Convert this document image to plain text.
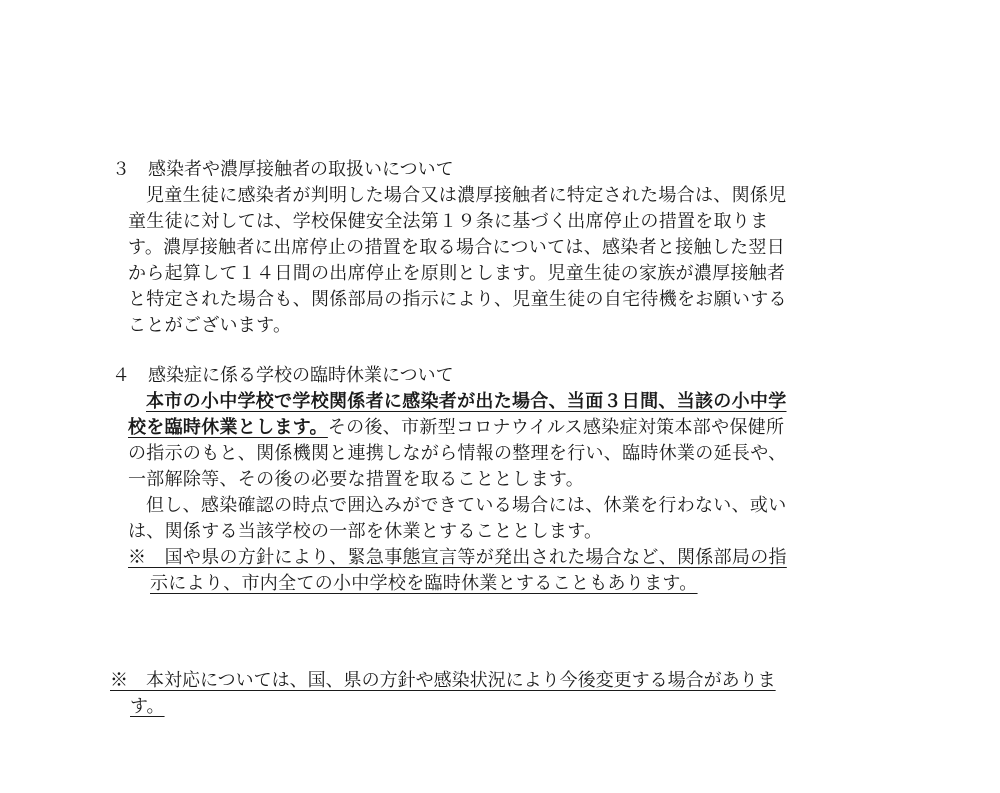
３　感染者や濃厚接触者の取扱いについて
児童生徒に感染者が判明した場合又は濃厚接触者に特定された場合は、関係児
童生徒に対しては、学校保健安全法第１９条に基づく出席停止の措置を取りま
す。濃厚接触者に出席停止の措置を取る場合については、感染者と接触した翌日
から起算して１４日間の出席停止を原則とします。児童生徒の家族が濃厚接触者
と特定された場合も、関係部局の指示により、児童生徒の自宅待機をお願いする
ことがございます。
４　感染症に係る学校の臨時休業について
本市の小中学校で学校関係者に感染者が出た場合、当面３日間、当該の小中学
校を臨時休業とします。その後、市新型コロナウイルス感染症対策本部や保健所
の指示のもと、関係機関と連携しながら情報の整理を行い、臨時休業の延長や、
一部解除等、その後の必要な措置を取ることとします。
但し、感染確認の時点で囲込みができている場合には、休業を行わない、或い
は、関係する当該学校の一部を休業とすることとします。
※　国や県の方針により、緊急事態宣言等が発出された場合など、関係部局の指
示により、市内全ての小中学校を臨時休業とすることもあります。
※　本対応については、国、県の方針や感染状況により今後変更する場合がありま
す。
